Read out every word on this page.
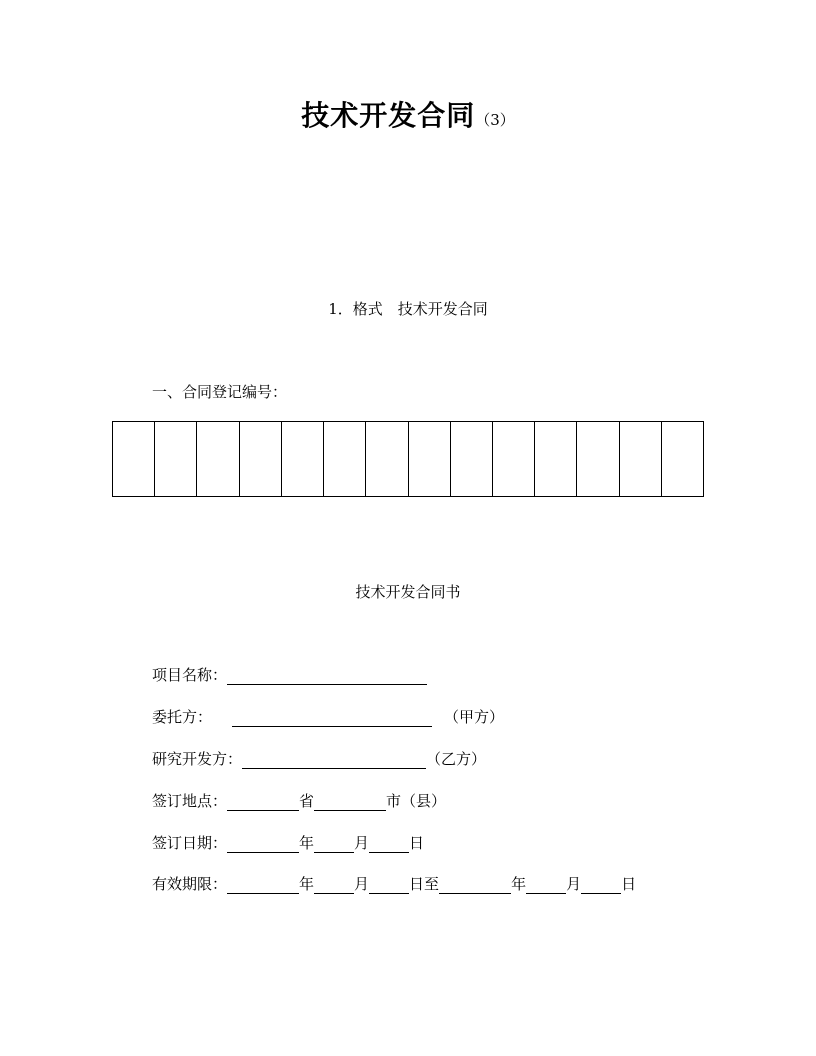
技术开发合同（3）
1．格式　技术开发合同
一、合同登记编号：
技术开发合同书
项目名称：
委托方：	（甲方）
研究开发方：	（乙方）
签订地点：	省	市（县）
签订日期：	年	月	日
有效期限：	年	月	日至	年	月	日
